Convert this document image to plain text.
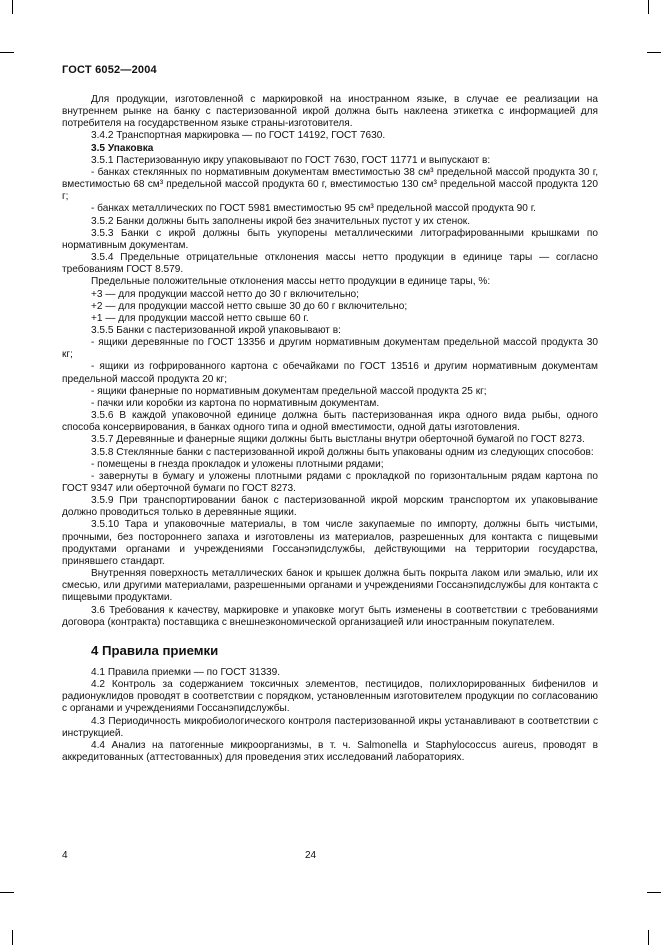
ГОСТ 6052—2004

Для продукции, изготовленной с маркировкой на иностранном языке, в случае ее реализации на внутреннем рынке на банку с пастеризованной икрой должна быть наклеена этикетка с информацией для потребителя на государственном языке страны-изготовителя.

3.4.2 Транспортная маркировка — по ГОСТ 14192, ГОСТ 7630.

3.5 Упаковка

3.5.1 Пастеризованную икру упаковывают по ГОСТ 7630, ГОСТ 11771 и выпускают в:

- банках стеклянных по нормативным документам вместимостью 38 см³ предельной массой продукта 30 г, вместимостью 68 см³ предельной массой продукта 60 г, вместимостью 130 см³ предельной массой продукта 120 г;

- банках металлических по ГОСТ 5981 вместимостью 95 см³ предельной массой продукта 90 г.

3.5.2 Банки должны быть заполнены икрой без значительных пустот у их стенок.

3.5.3 Банки с икрой должны быть укупорены металлическими литографированными крышками по нормативным документам.

3.5.4 Предельные отрицательные отклонения массы нетто продукции в единице тары — согласно требованиям ГОСТ 8.579.

Предельные положительные отклонения массы нетто продукции в единице тары, %:

+3 — для продукции массой нетто до 30 г включительно;

+2 — для продукции массой нетто свыше 30 до 60 г включительно;

+1 — для продукции массой нетто свыше 60 г.

3.5.5 Банки с пастеризованной икрой упаковывают в:

- ящики деревянные по ГОСТ 13356 и другим нормативным документам предельной массой продукта 30 кг;

- ящики из гофрированного картона с обечайками по ГОСТ 13516 и другим нормативным документам предельной массой продукта 20 кг;

- ящики фанерные по нормативным документам предельной массой продукта 25 кг;

- пачки или коробки из картона по нормативным документам.

3.5.6 В каждой упаковочной единице должна быть пастеризованная икра одного вида рыбы, одного способа консервирования, в банках одного типа и одной вместимости, одной даты изготовления.

3.5.7 Деревянные и фанерные ящики должны быть выстланы внутри оберточной бумагой по ГОСТ 8273.

3.5.8 Стеклянные банки с пастеризованной икрой должны быть упакованы одним из следующих способов:

- помещены в гнезда прокладок и уложены плотными рядами;

- завернуты в бумагу и уложены плотными рядами с прокладкой по горизонтальным рядам картона по ГОСТ 9347 или оберточной бумаги по ГОСТ 8273.

3.5.9 При транспортировании банок с пастеризованной икрой морским транспортом их упаковывание должно проводиться только в деревянные ящики.

3.5.10 Тара и упаковочные материалы, в том числе закупаемые по импорту, должны быть чистыми, прочными, без постороннего запаха и изготовлены из материалов, разрешенных для контакта с пищевыми продуктами органами и учреждениями Госсанэпидслужбы, действующими на территории государства, принявшего стандарт.

Внутренняя поверхность металлических банок и крышек должна быть покрыта лаком или эмалью, или их смесью, или другими материалами, разрешенными органами и учреждениями Госсанэпидслужбы для контакта с пищевыми продуктами.

3.6 Требования к качеству, маркировке и упаковке могут быть изменены в соответствии с требованиями договора (контракта) поставщика с внешнеэкономической организацией или иностранным покупателем.

4 Правила приемки

4.1 Правила приемки — по ГОСТ 31339.

4.2 Контроль за содержанием токсичных элементов, пестицидов, полихлорированных бифенилов и радионуклидов проводят в соответствии с порядком, установленным изготовителем продукции по согласованию с органами и учреждениями Госсанэпидслужбы.

4.3 Периодичность микробиологического контроля пастеризованной икры устанавливают в соответствии с инструкцией.

4.4 Анализ на патогенные микроорганизмы, в т. ч. Salmonella и Staphylococcus aureus, проводят в аккредитованных (аттестованных) для проведения этих исследований лабораториях.

4	24
